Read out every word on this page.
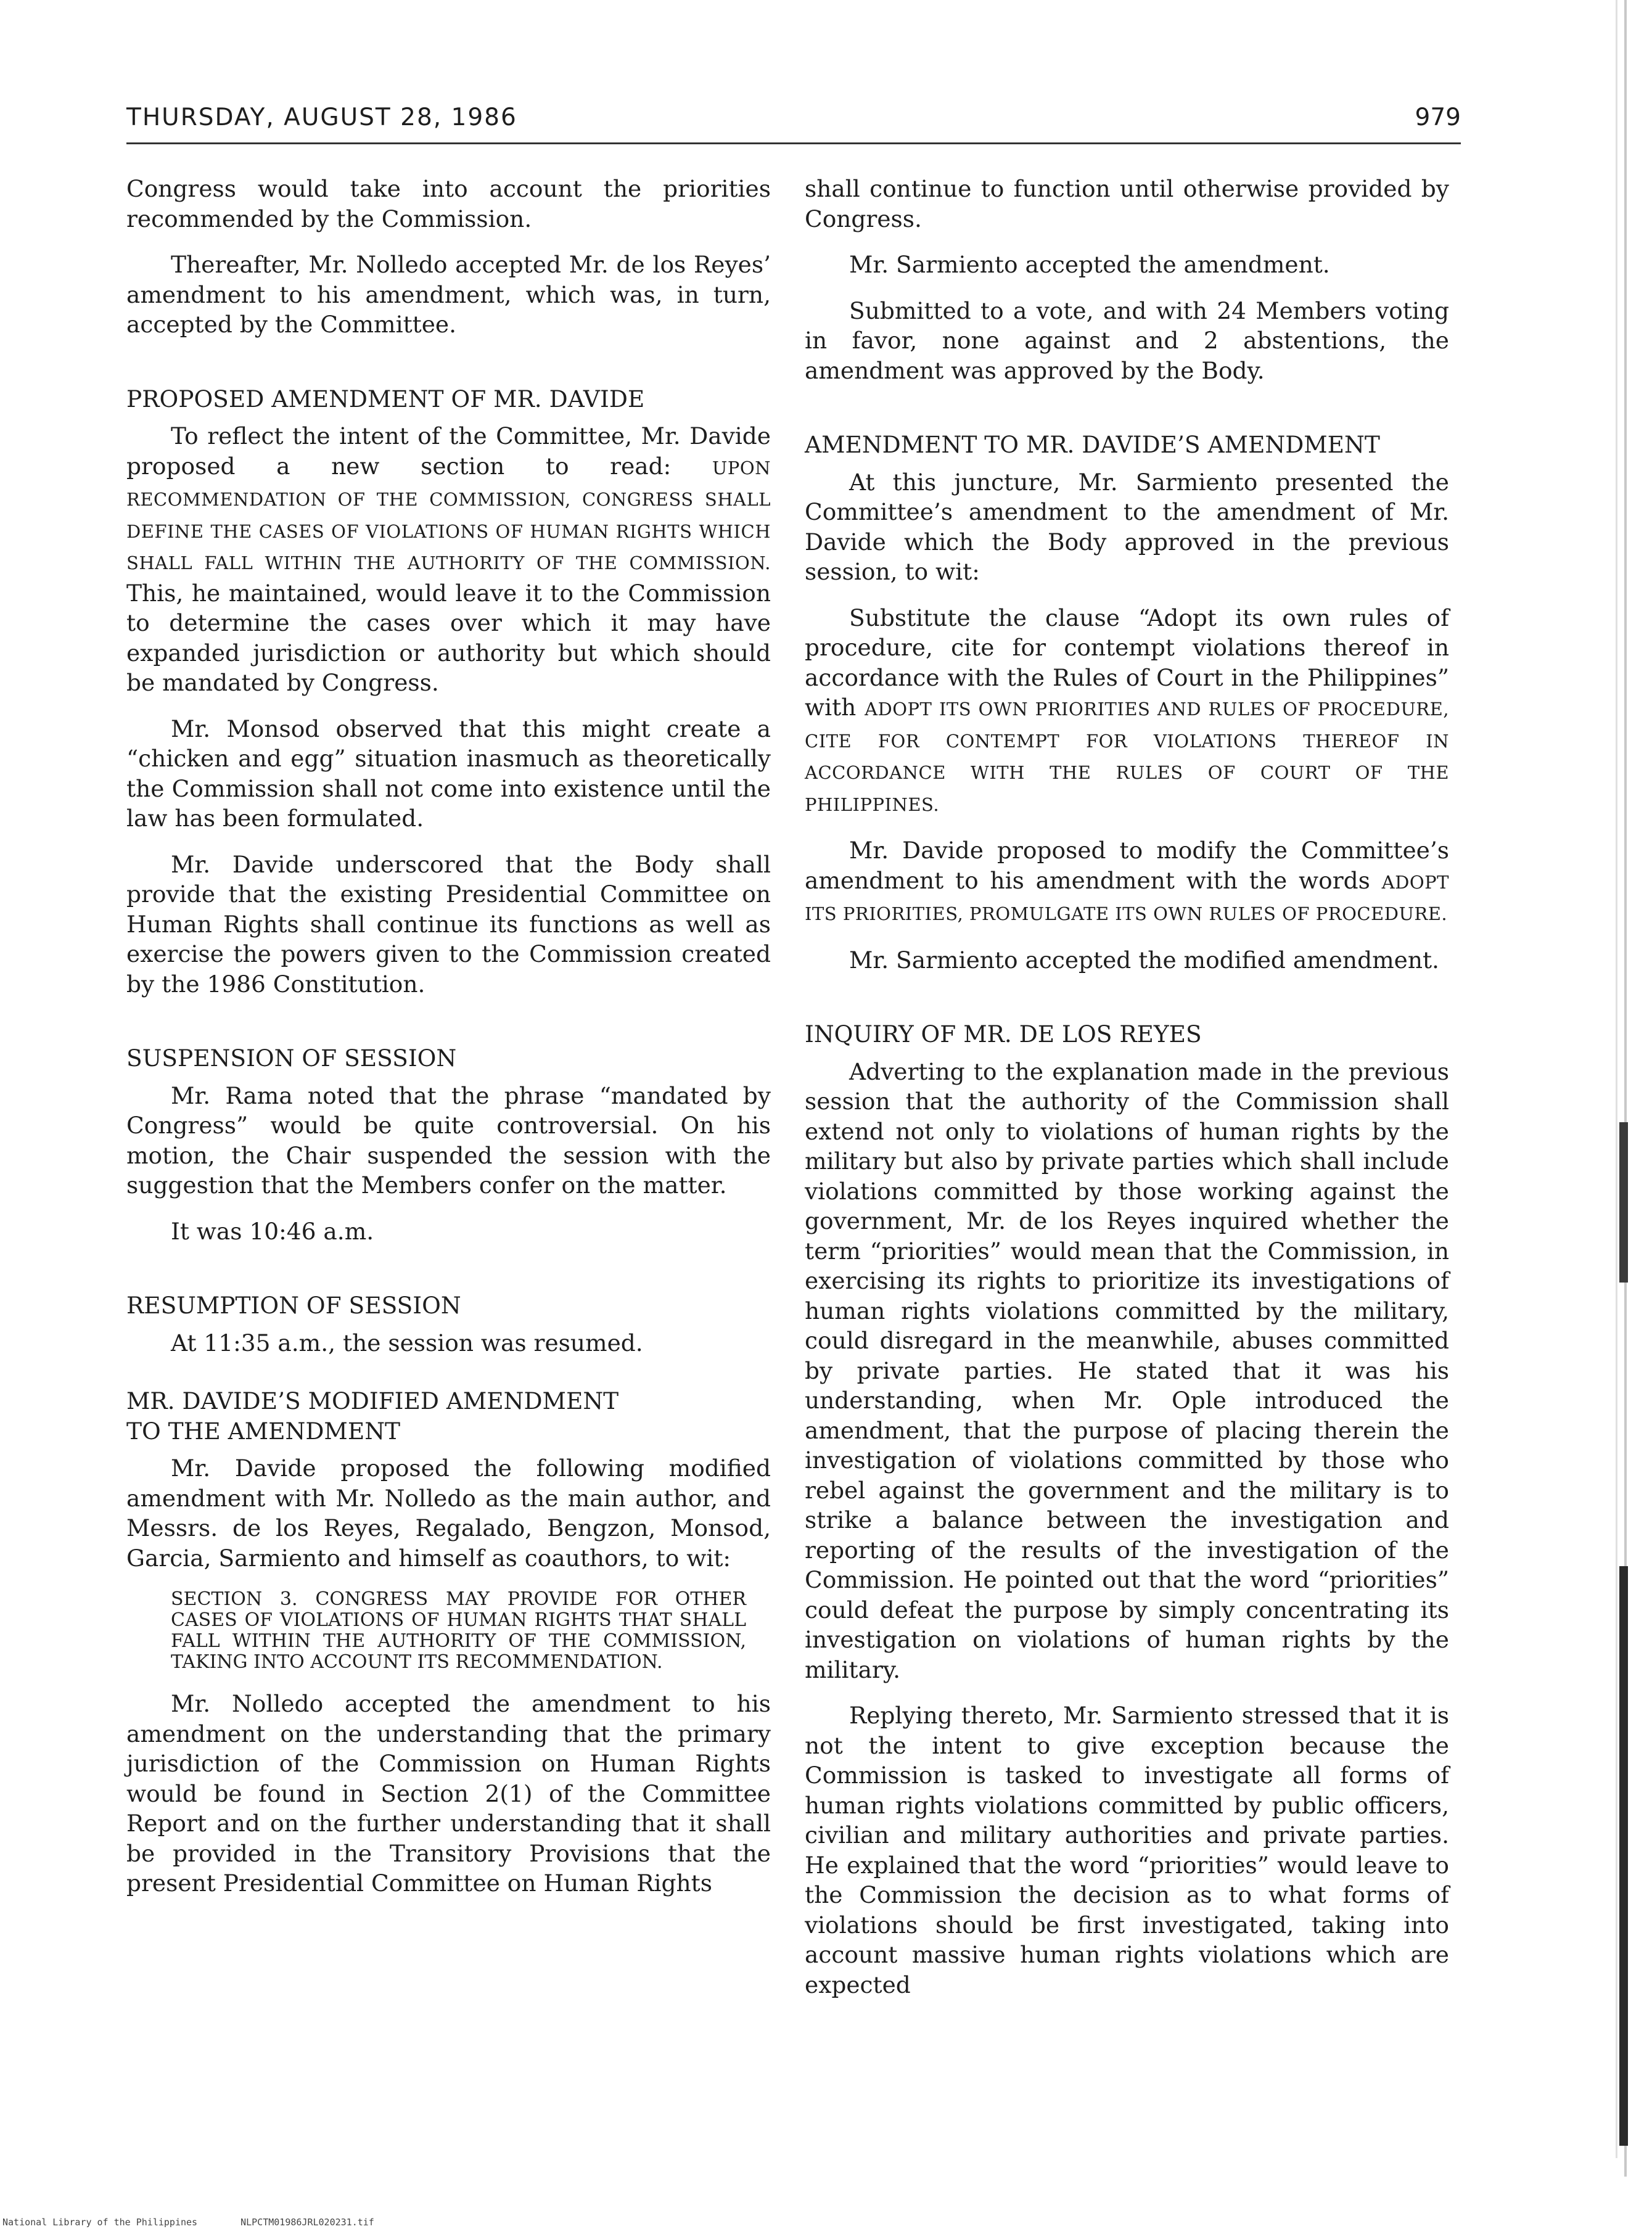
THURSDAY, AUGUST 28, 1986	979

Congress would take into account the priorities recommended by the Commission.

Thereafter, Mr. Nolledo accepted Mr. de los Reyes’ amendment to his amendment, which was, in turn, accepted by the Committee.

PROPOSED AMENDMENT OF MR. DAVIDE

To reflect the intent of the Committee, Mr. Davide proposed a new section to read: UPON RECOMMENDATION OF THE COMMISSION, CONGRESS SHALL DEFINE THE CASES OF VIOLATIONS OF HUMAN RIGHTS WHICH SHALL FALL WITHIN THE AUTHORITY OF THE COMMISSION. This, he maintained, would leave it to the Commission to determine the cases over which it may have expanded jurisdiction or authority but which should be mandated by Congress.

Mr. Monsod observed that this might create a “chicken and egg” situation inasmuch as theoretically the Commission shall not come into existence until the law has been formulated.

Mr. Davide underscored that the Body shall provide that the existing Presidential Committee on Human Rights shall continue its functions as well as exercise the powers given to the Commission created by the 1986 Constitution.

SUSPENSION OF SESSION

Mr. Rama noted that the phrase “mandated by Congress” would be quite controversial. On his motion, the Chair suspended the session with the suggestion that the Members confer on the matter.

It was 10:46 a.m.

RESUMPTION OF SESSION

At 11:35 a.m., the session was resumed.

MR. DAVIDE’S MODIFIED AMENDMENT
TO THE AMENDMENT

Mr. Davide proposed the following modified amendment with Mr. Nolledo as the main author, and Messrs. de los Reyes, Regalado, Bengzon, Monsod, Garcia, Sarmiento and himself as coauthors, to wit:

SECTION 3. CONGRESS MAY PROVIDE FOR OTHER CASES OF VIOLATIONS OF HUMAN RIGHTS THAT SHALL FALL WITHIN THE AUTHORITY OF THE COMMISSION, TAKING INTO ACCOUNT ITS RECOMMENDATION.

Mr. Nolledo accepted the amendment to his amendment on the understanding that the primary jurisdiction of the Commission on Human Rights would be found in Section 2(1) of the Committee Report and on the further understanding that it shall be provided in the Transitory Provisions that the present Presidential Committee on Human Rights

shall continue to function until otherwise provided by Congress.

Mr. Sarmiento accepted the amendment.

Submitted to a vote, and with 24 Members voting in favor, none against and 2 abstentions, the amendment was approved by the Body.

AMENDMENT TO MR. DAVIDE’S AMENDMENT

At this juncture, Mr. Sarmiento presented the Committee’s amendment to the amendment of Mr. Davide which the Body approved in the previous session, to wit:

Substitute the clause “Adopt its own rules of procedure, cite for contempt violations thereof in accordance with the Rules of Court in the Philippines” with ADOPT ITS OWN PRIORITIES AND RULES OF PROCEDURE, CITE FOR CONTEMPT FOR VIOLATIONS THEREOF IN ACCORDANCE WITH THE RULES OF COURT OF THE PHILIPPINES.

Mr. Davide proposed to modify the Committee’s amendment to his amendment with the words ADOPT ITS PRIORITIES, PROMULGATE ITS OWN RULES OF PROCEDURE.

Mr. Sarmiento accepted the modified amendment.

INQUIRY OF MR. DE LOS REYES

Adverting to the explanation made in the previous session that the authority of the Commission shall extend not only to violations of human rights by the military but also by private parties which shall include violations committed by those working against the government, Mr. de los Reyes inquired whether the term “priorities” would mean that the Commission, in exercising its rights to prioritize its investigations of human rights violations committed by the military, could disregard in the meanwhile, abuses committed by private parties. He stated that it was his understanding, when Mr. Ople introduced the amendment, that the purpose of placing therein the investigation of violations committed by those who rebel against the government and the military is to strike a balance between the investigation and reporting of the results of the investigation of the Commission. He pointed out that the word “priorities” could defeat the purpose by simply concentrating its investigation on violations of human rights by the military.

Replying thereto, Mr. Sarmiento stressed that it is not the intent to give exception because the Commission is tasked to investigate all forms of human rights violations committed by public officers, civilian and military authorities and private parties. He explained that the word “priorities” would leave to the Commission the decision as to what forms of violations should be first investigated, taking into account massive human rights violations which are expected

National Library of the Philippines	NLPCTM01986JRL020231.tif
